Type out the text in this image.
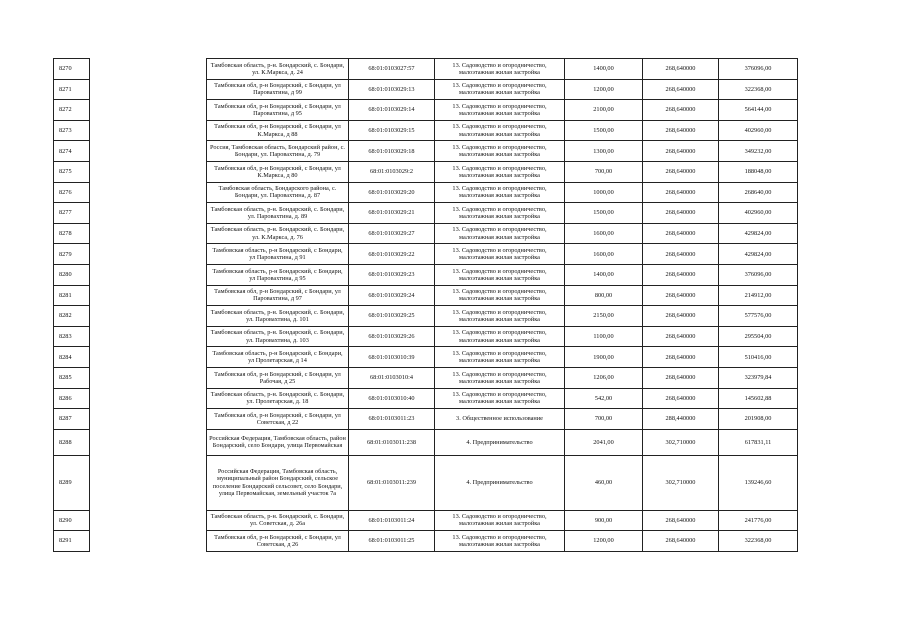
8270		Тамбовская область, р-н. Бондарский, с. Бондари, ул. К.Маркса, д. 24	68:01:0103027:57	13. Садоводство и огородничество, малоэтажная жилая застройка	1400,00	268,640000	376096,00
8271		Тамбовская обл, р-н Бондарский, с Бондари, ул Паровахтина, д 99	68:01:0103029:13	13. Садоводство и огородничество, малоэтажная жилая застройка	1200,00	268,640000	322368,00
8272		Тамбовская обл, р-н Бондарский, с Бондари, ул Паровахтина, д 95	68:01:0103029:14	13. Садоводство и огородничество, малоэтажная жилая застройка	2100,00	268,640000	564144,00
8273		Тамбовская обл, р-н Бондарский, с Бондари, ул К.Маркса, д 88	68:01:0103029:15	13. Садоводство и огородничество, малоэтажная жилая застройка	1500,00	268,640000	402960,00
8274		Россия, Тамбовская область, Бондарский район, с. Бондари, ул. Паровахтина, д. 79	68:01:0103029:18	13. Садоводство и огородничество, малоэтажная жилая застройка	1300,00	268,640000	349232,00
8275		Тамбовская обл, р-н Бондарский, с Бондари, ул К.Маркса, д 80	68:01:0103029:2	13. Садоводство и огородничество, малоэтажная жилая застройка	700,00	268,640000	188048,00
8276		Тамбовская область, Бондарского района, с. Бондари, ул. Паровахтина, д. 87	68:01:0103029:20	13. Садоводство и огородничество, малоэтажная жилая застройка	1000,00	268,640000	268640,00
8277		Тамбовская область, р-н. Бондарский, с. Бондари, ул. Паровахтина, д. 89	68:01:0103029:21	13. Садоводство и огородничество, малоэтажная жилая застройка	1500,00	268,640000	402960,00
8278		Тамбовская область, р-н. Бондарский, с. Бондари, ул. К.Маркса, д. 76	68:01:0103029:27	13. Садоводство и огородничество, малоэтажная жилая застройка	1600,00	268,640000	429824,00
8279		Тамбовская область, р-н Бондарский, с Бондари, ул Паровахтина, д 91	68:01:0103029:22	13. Садоводство и огородничество, малоэтажная жилая застройка	1600,00	268,640000	429824,00
8280		Тамбовская область, р-н Бондарский, с Бондари, ул Паровахтина, д 95	68:01:0103029:23	13. Садоводство и огородничество, малоэтажная жилая застройка	1400,00	268,640000	376096,00
8281		Тамбовская обл, р-н Бондарский, с Бондари, ул Паровахтина, д 97	68:01:0103029:24	13. Садоводство и огородничество, малоэтажная жилая застройка	800,00	268,640000	214912,00
8282		Тамбовская область, р-н. Бондарский, с. Бондари, ул. Паровахтина, д. 101	68:01:0103029:25	13. Садоводство и огородничество, малоэтажная жилая застройка	2150,00	268,640000	577576,00
8283		Тамбовская область, р-н. Бондарский, с. Бондари, ул. Паровахтина, д. 103	68:01:0103029:26	13. Садоводство и огородничество, малоэтажная жилая застройка	1100,00	268,640000	295504,00
8284		Тамбовская область, р-н Бондарский, с Бондари, ул Пролетарская, д 14	68:01:0103010:39	13. Садоводство и огородничество, малоэтажная жилая застройка	1900,00	268,640000	510416,00
8285		Тамбовская обл, р-н Бондарский, с Бондари, ул Рабочая, д 25	68:01:0103010:4	13. Садоводство и огородничество, малоэтажная жилая застройка	1206,00	268,640000	323979,84
8286		Тамбовская область, р-н. Бондарский, с. Бондари, ул. Пролетарская, д. 18	68:01:0103010:40	13. Садоводство и огородничество, малоэтажная жилая застройка	542,00	268,640000	145602,88
8287		Тамбовская обл, р-н Бондарский, с Бондари, ул Советская, д 22	68:01:0103011:23	3. Общественное использование	700,00	288,440000	201908,00
8288		Российская Федерация, Тамбовская область, район Бондарский, село Бондари, улица Первомайская	68:01:0103011:238	4. Предпринимательство	2041,00	302,710000	617831,11
8289		Российская Федерация, Тамбовская область, муниципальный район Бондарский, сельское поселение Бондарский сельсовет, село Бондари, улица Первомайская, земельный участок 7а	68:01:0103011:239	4. Предпринимательство	460,00	302,710000	139246,60
8290		Тамбовская область, р-н. Бондарский, с. Бондари, ул. Советская, д. 26а	68:01:0103011:24	13. Садоводство и огородничество, малоэтажная жилая застройка	900,00	268,640000	241776,00
8291		Тамбовская обл, р-н Бондарский, с Бондари, ул Советская, д 26	68:01:0103011:25	13. Садоводство и огородничество, малоэтажная жилая застройка	1200,00	268,640000	322368,00
